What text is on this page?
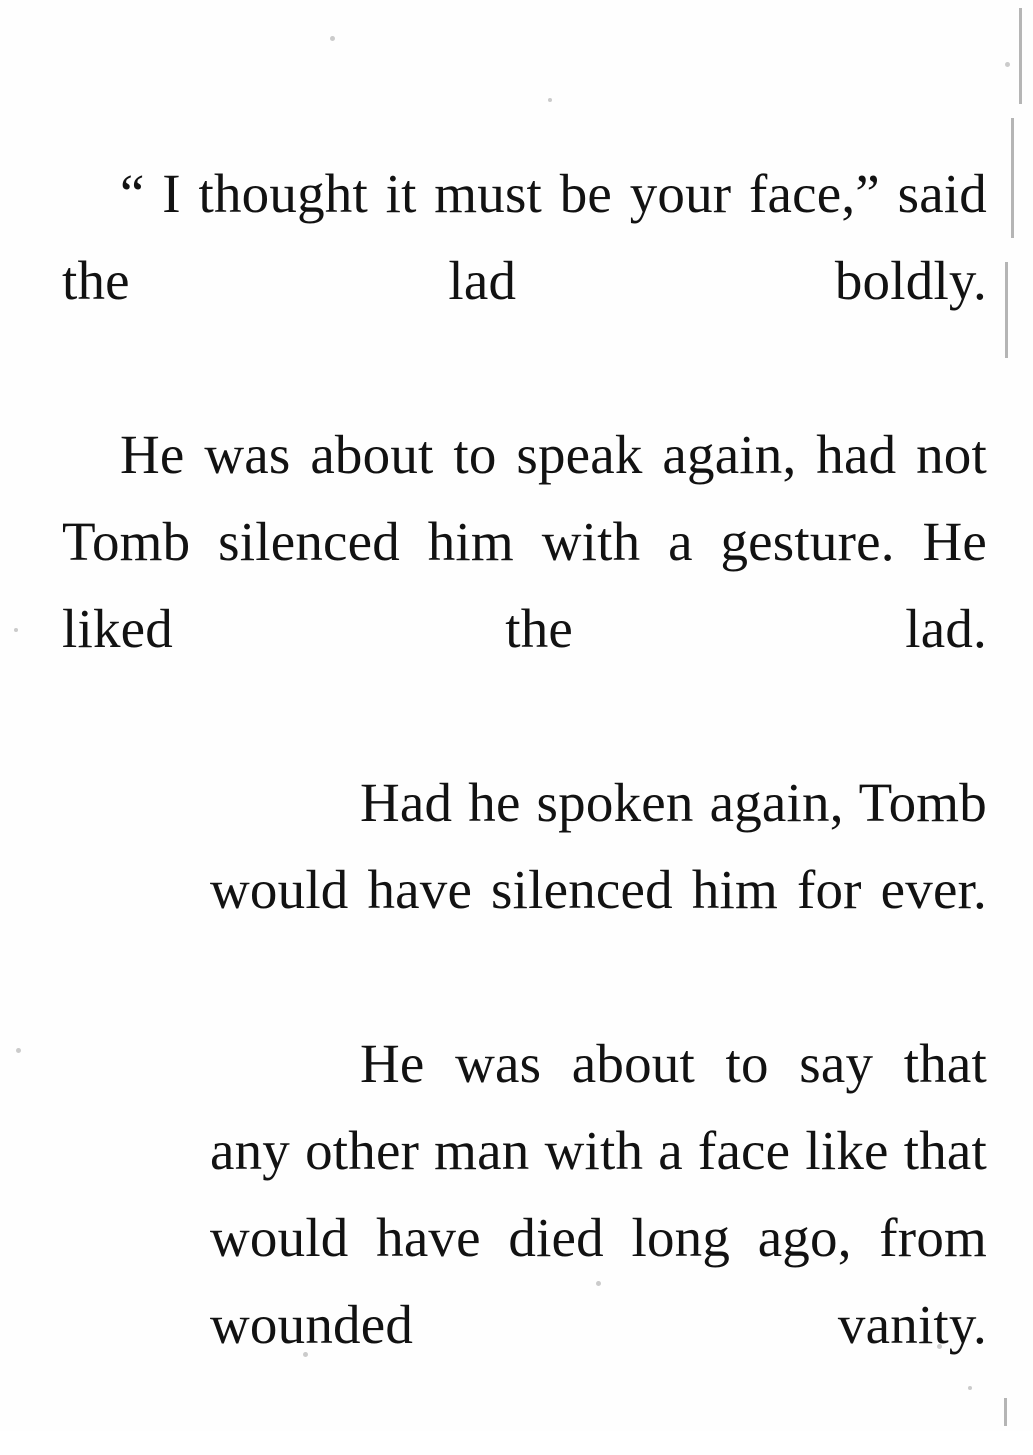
“ I thought it must be your face,” said the lad boldly.

He was about to speak again, had not Tomb silenced him with a gesture. He liked the lad.

Had he spoken again, Tomb would have silenced him for ever.

He was about to say that any other man with a face like that would have died long ago, from wounded vanity.
